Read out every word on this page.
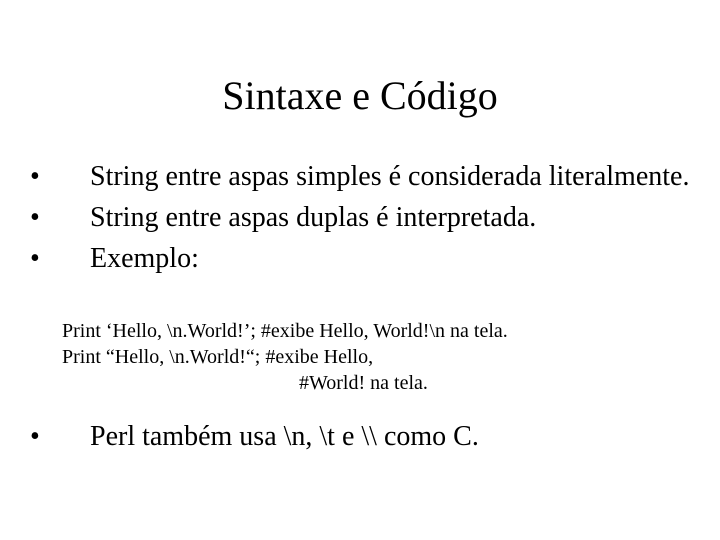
Sintaxe e Código
•	String entre aspas simples é considerada literalmente.
•	String entre aspas duplas é interpretada.
•	Exemplo:
Print ‘Hello, \n.World!’; #exibe Hello, World!\n na tela.
Print “Hello, \n.World!“; #exibe Hello,
#World! na tela.
•	Perl também usa \n, \t e \\ como C.
